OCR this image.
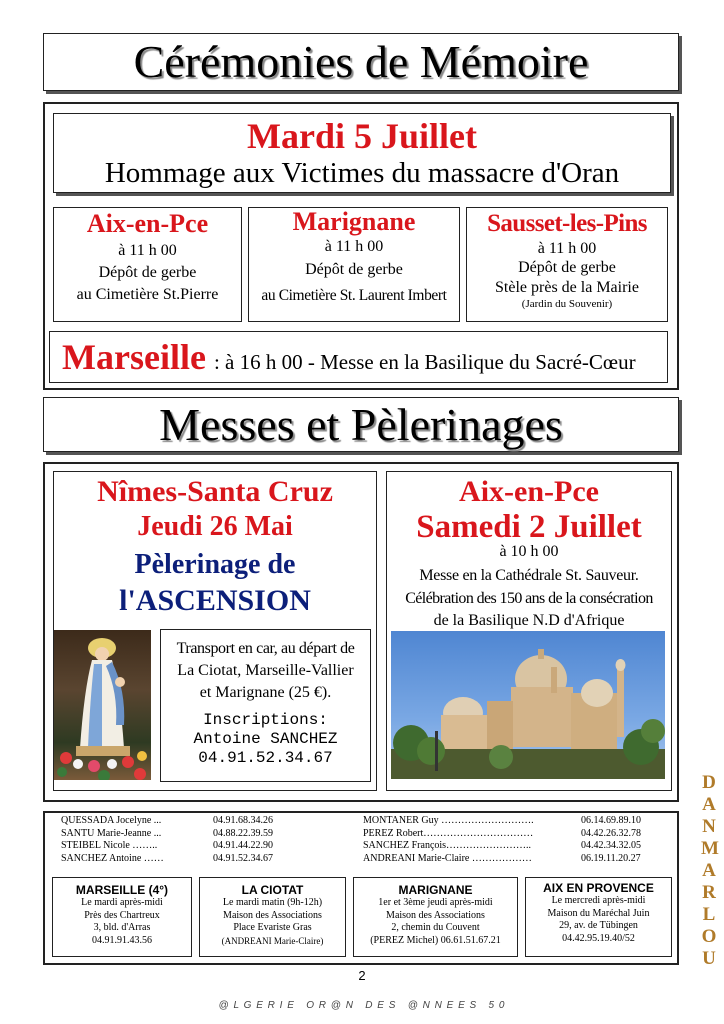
Cérémonies de Mémoire
Mardi 5 Juillet
Hommage aux Victimes du massacre d'Oran
Aix-en-Pce
à 11 h 00
Dépôt de gerbe
au Cimetière St.Pierre
Marignane
à 11 h 00
Dépôt de gerbe
au Cimetière St. Laurent Imbert
Sausset-les-Pins
à 11 h 00
Dépôt de gerbe
Stèle près de la Mairie
(Jardin du Souvenir)
Marseille : à 16 h 00 - Messe en la Basilique du Sacré-Cœur
Messes et Pèlerinages
Nîmes-Santa Cruz
Jeudi 26 Mai
Pèlerinage de
l'ASCENSION
Transport en car, au départ de
La Ciotat, Marseille-Vallier
et Marignane (25 €).
Inscriptions:
Antoine SANCHEZ
04.91.52.34.67
Aix-en-Pce
Samedi 2 Juillet
à 10 h 00
Messe en la Cathédrale St. Sauveur.
Célébration des 150 ans de la consécration
de la Basilique N.D d'Afrique
QUESSADA Jocelyne ...	04.91.68.34.26
SANTU Marie-Jeanne ...	04.88.22.39.59
STEIBEL Nicole ……..	04.91.44.22.90
SANCHEZ Antoine ……	04.91.52.34.67
MONTANER Guy ……………………….	06.14.69.89.10
PEREZ Robert……………………………	04.42.26.32.78
SANCHEZ François……………………..	04.42.34.32.05
ANDREANI Marie-Claire ………………	06.19.11.20.27
MARSEILLE (4°)
Le mardi après-midi
Près des Chartreux
3, bld. d'Arras
04.91.91.43.56
LA CIOTAT
Le mardi matin (9h-12h)
Maison des Associations
Place Evariste Gras
(ANDREANI Marie-Claire)
MARIGNANE
1er et 3ème jeudi après-midi
Maison des Associations
2, chemin du Couvent
(PEREZ Michel) 06.61.51.67.21
AIX EN PROVENCE
Le mercredi après-midi
Maison du Maréchal Juin
29, av. de Tübingen
04.42.95.19.40/52
DANMARLOU
2
@ L G E R I E   O R @ N   D E S   @ N N E E S   5 0
